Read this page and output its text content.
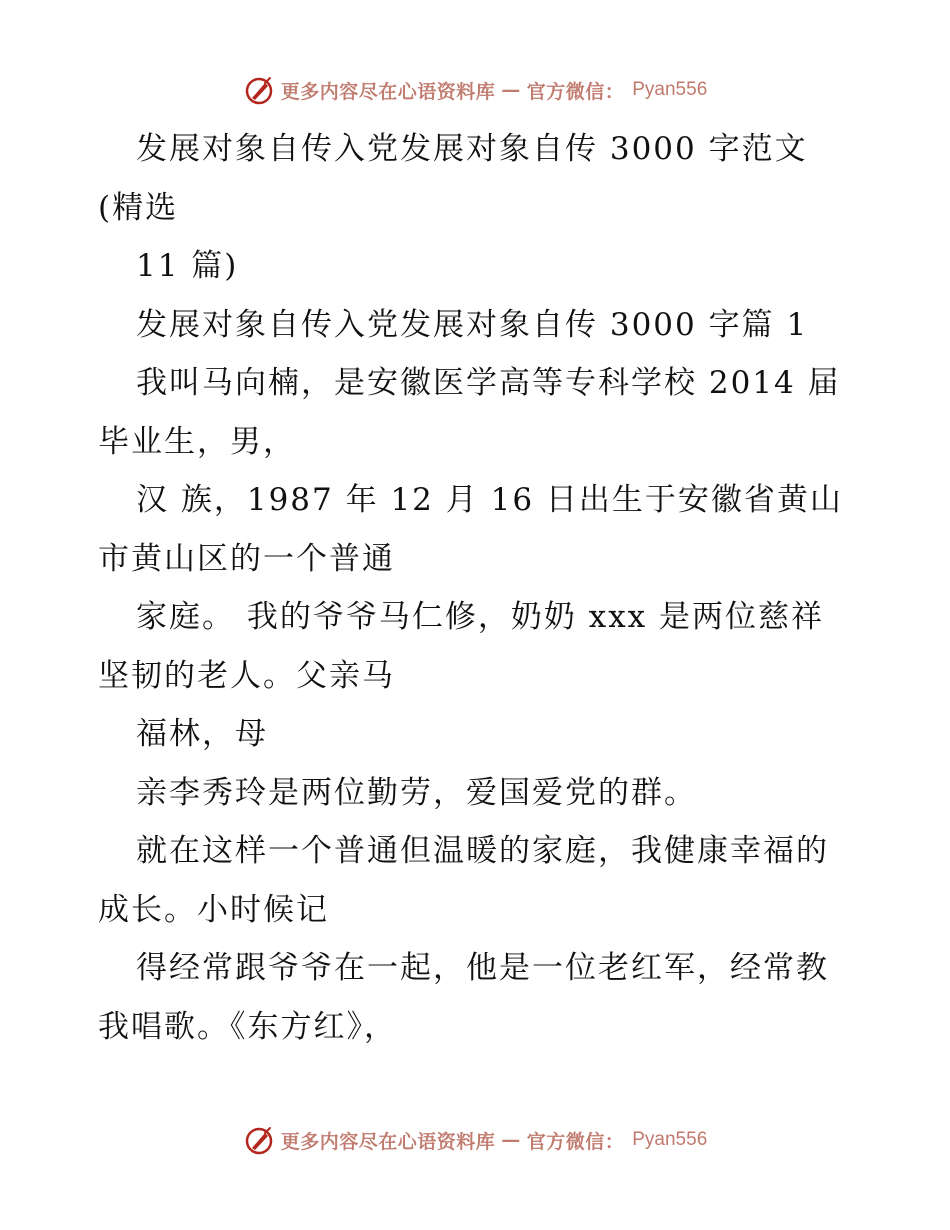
更多内容尽在心语资料库 — 官方微信： Pyan556
发展对象自传入党发展对象自传 3000 字范文
(精选
11 篇)
发展对象自传入党发展对象自传 3000 字篇 1
我叫马向楠，是安徽医学高等专科学校 2014 届
毕业生，男，
汉 族，1987 年 12 月 16 日出生于安徽省黄山
市黄山区的一个普通
家庭。 我的爷爷马仁修，奶奶 xxx 是两位慈祥
坚韧的老人。父亲马
福林，母
亲李秀玲是两位勤劳，爱国爱党的群。
就在这样一个普通但温暖的家庭，我健康幸福的
成长。小时候记
得经常跟爷爷在一起，他是一位老红军，经常教
我唱歌。《东方红》，
更多内容尽在心语资料库 — 官方微信： Pyan556
